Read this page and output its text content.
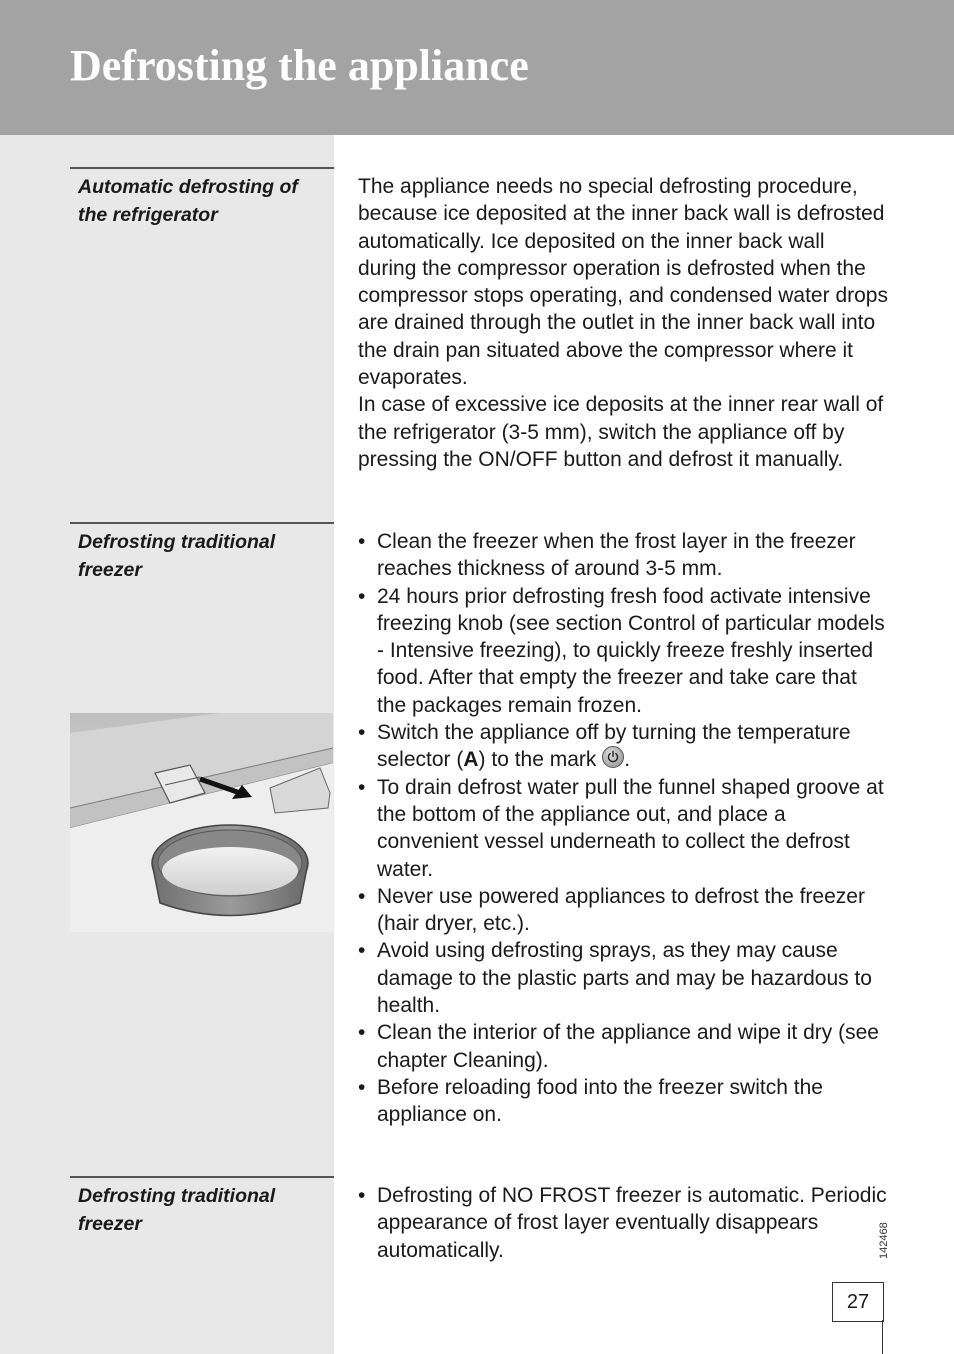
Defrosting the appliance
Automatic defrosting of the refrigerator

The appliance needs no special defrosting procedure, because ice deposited at the inner back wall is defrosted automatically. Ice deposited on the inner back wall during the compressor operation is defrosted when the compressor stops operating, and condensed water drops are drained through the outlet in the inner back wall into the drain pan situated above the compressor where it evaporates.

In case of excessive ice deposits at the inner rear wall of the refrigerator (3-5 mm), switch the appliance off by pressing the ON/OFF button and defrost it manually.

Defrosting traditional freezer
• Clean the freezer when the frost layer in the freezer reaches thickness of around 3-5 mm.
• 24 hours prior defrosting fresh food activate intensive freezing knob (see section Control of particular models - Intensive freezing), to quickly freeze freshly inserted food. After that empty the freezer and take care that the packages remain frozen.
• Switch the appliance off by turning the temperature selector (A) to the mark .
• To drain defrost water pull the funnel shaped groove at the bottom of the appliance out, and place a convenient vessel underneath to collect the defrost water.
• Never use powered appliances to defrost the freezer (hair dryer, etc.).
• Avoid using defrosting sprays, as they may cause damage to the plastic parts and may be hazardous to health.
• Clean the interior of the appliance and wipe it dry (see chapter Cleaning).
• Before reloading food into the freezer switch the appliance on.
Defrosting traditional freezer
• Defrosting of NO FROST freezer is automatic. Periodic appearance of frost layer eventually disappears automatically.	142468
27
